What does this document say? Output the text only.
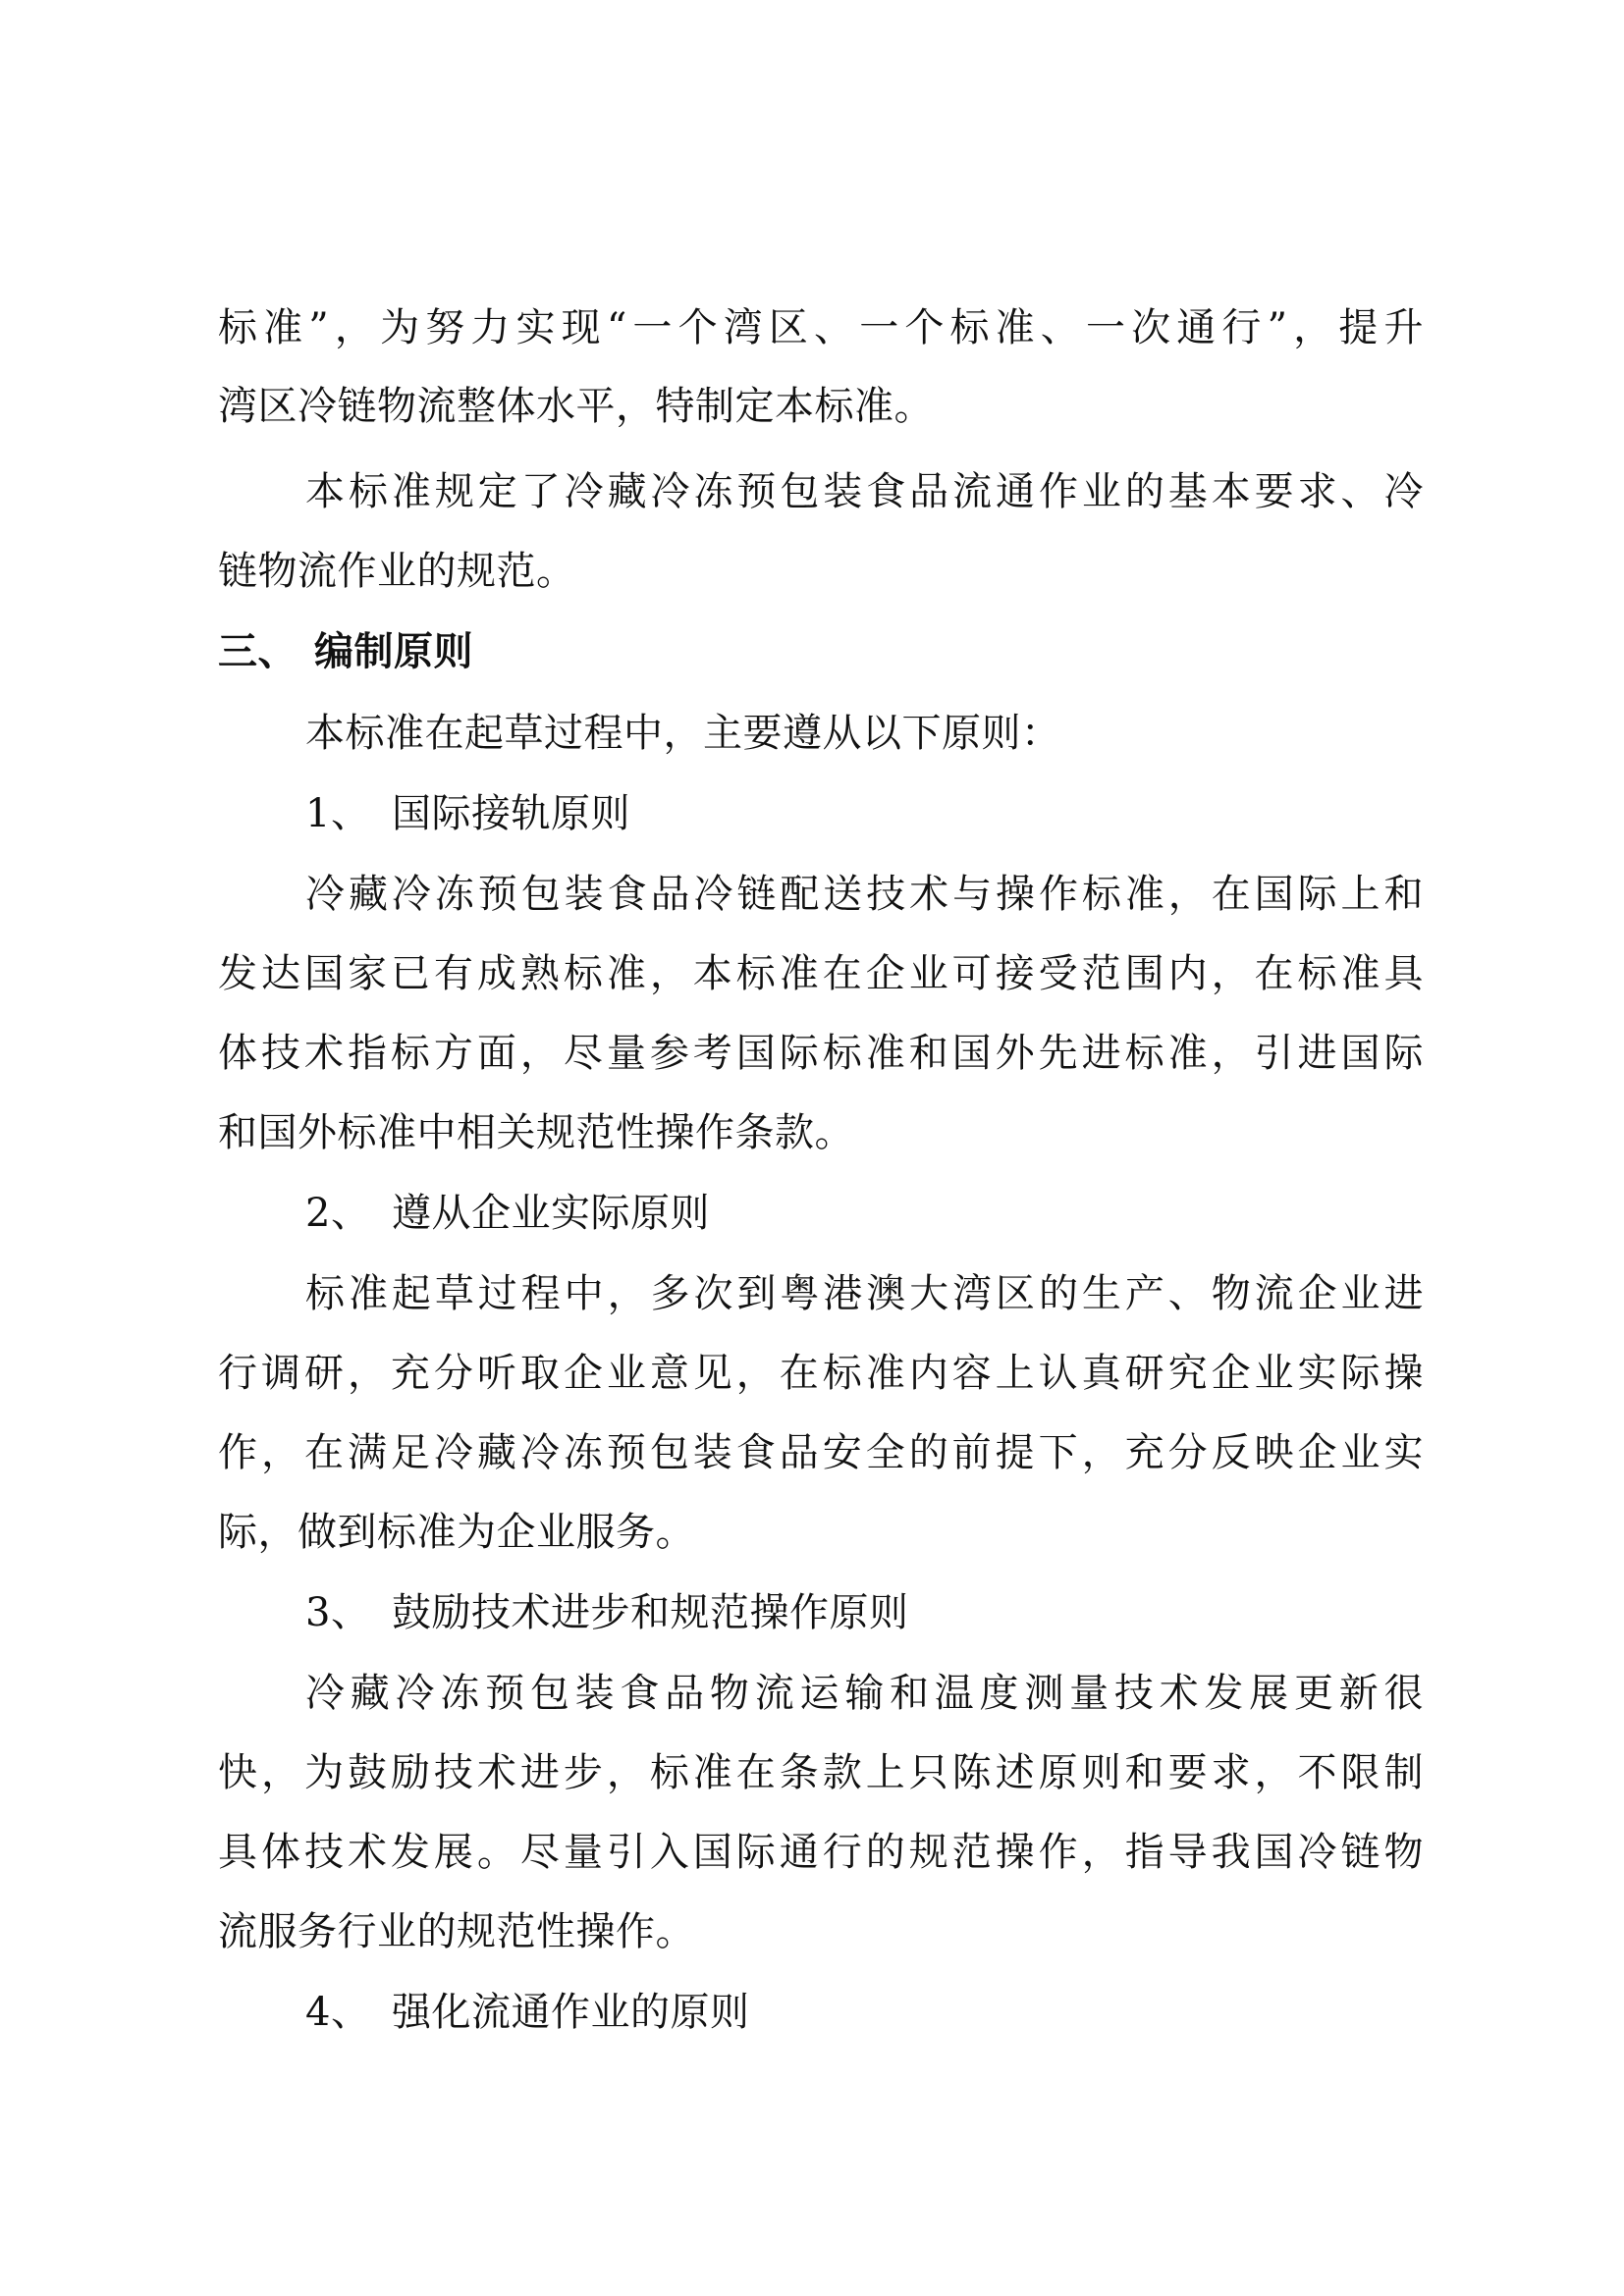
标准”，为努力实现“一个湾区、一个标准、一次通行”，提升
湾区冷链物流整体水平，特制定本标准。
本标准规定了冷藏冷冻预包装食品流通作业的基本要求、冷
链物流作业的规范。
三、 编制原则
本标准在起草过程中，主要遵从以下原则：
1、 国际接轨原则
冷藏冷冻预包装食品冷链配送技术与操作标准，在国际上和
发达国家已有成熟标准，本标准在企业可接受范围内，在标准具
体技术指标方面，尽量参考国际标准和国外先进标准，引进国际
和国外标准中相关规范性操作条款。
2、 遵从企业实际原则
标准起草过程中，多次到粤港澳大湾区的生产、物流企业进
行调研，充分听取企业意见，在标准内容上认真研究企业实际操
作，在满足冷藏冷冻预包装食品安全的前提下，充分反映企业实
际，做到标准为企业服务。
3、 鼓励技术进步和规范操作原则
冷藏冷冻预包装食品物流运输和温度测量技术发展更新很
快，为鼓励技术进步，标准在条款上只陈述原则和要求，不限制
具体技术发展。尽量引入国际通行的规范操作，指导我国冷链物
流服务行业的规范性操作。
4、 强化流通作业的原则
